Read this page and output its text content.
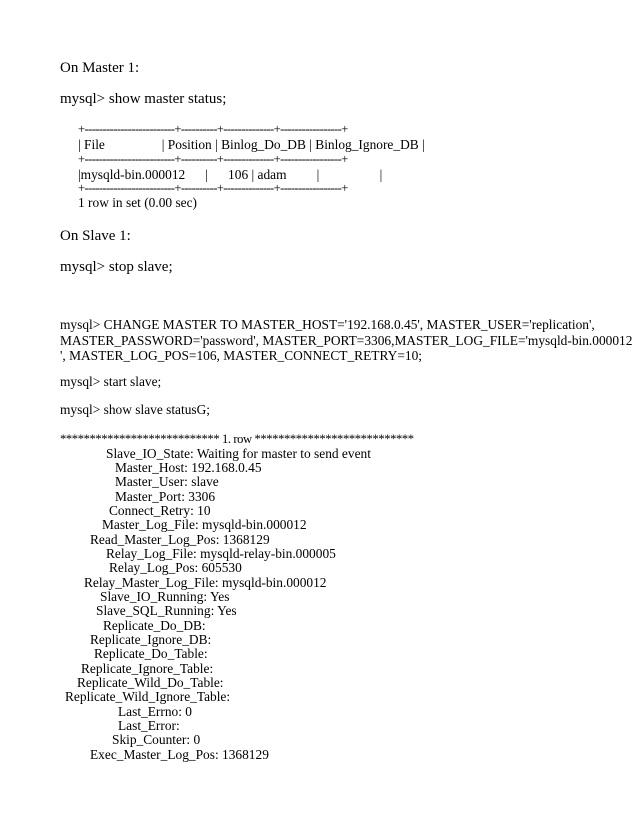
On Master 1:
mysql> show master status;
+-------------------------+----------+--------------+-----------------+
| File                 | Position | Binlog_Do_DB | Binlog_Ignore_DB |
+-------------------------+----------+--------------+-----------------+
|mysqld-bin.000012      |      106 | adam         |                  |
+-------------------------+----------+--------------+-----------------+
1 row in set (0.00 sec)
On Slave 1:
mysql> stop slave;
mysql> CHANGE MASTER TO MASTER_HOST='192.168.0.45', MASTER_USER='replication',
MASTER_PASSWORD='password', MASTER_PORT=3306,MASTER_LOG_FILE='mysqld-bin.000012
', MASTER_LOG_POS=106, MASTER_CONNECT_RETRY=10;
mysql> start slave;
mysql> show slave statusG;
*************************** 1. row ***************************
Slave_IO_State: Waiting for master to send event
Master_Host: 192.168.0.45
Master_User: slave
Master_Port: 3306
Connect_Retry: 10
Master_Log_File: mysqld-bin.000012
Read_Master_Log_Pos: 1368129
Relay_Log_File: mysqld-relay-bin.000005
Relay_Log_Pos: 605530
Relay_Master_Log_File: mysqld-bin.000012
Slave_IO_Running: Yes
Slave_SQL_Running: Yes
Replicate_Do_DB:
Replicate_Ignore_DB:
Replicate_Do_Table:
Replicate_Ignore_Table:
Replicate_Wild_Do_Table:
Replicate_Wild_Ignore_Table:
Last_Errno: 0
Last_Error:
Skip_Counter: 0
Exec_Master_Log_Pos: 1368129
